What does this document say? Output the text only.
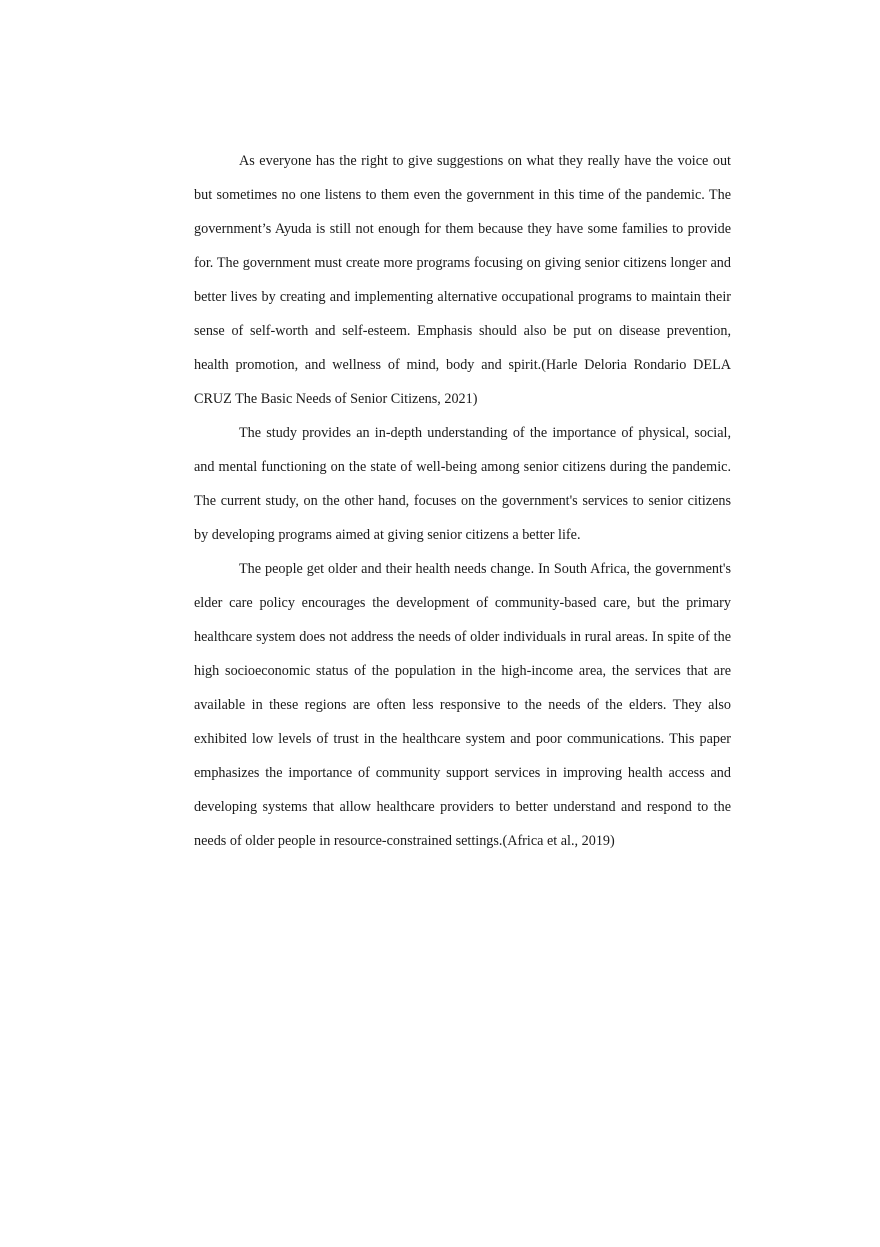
As everyone has the right to give suggestions on what they really have the voice out but sometimes no one listens to them even the government in this time of the pandemic. The government’s Ayuda is still not enough for them because they have some families to provide for. The government must create more programs focusing on giving senior citizens longer and better lives by creating and implementing alternative occupational programs to maintain their sense of self-worth and self-esteem. Emphasis should also be put on disease prevention, health promotion, and wellness of mind, body and spirit.(Harle Deloria Rondario DELA CRUZ The Basic Needs of Senior Citizens, 2021)

The study provides an in-depth understanding of the importance of physical, social, and mental functioning on the state of well-being among senior citizens during the pandemic. The current study, on the other hand, focuses on the government's services to senior citizens by developing programs aimed at giving senior citizens a better life.

The people get older and their health needs change. In South Africa, the government's elder care policy encourages the development of community-based care, but the primary healthcare system does not address the needs of older individuals in rural areas. In spite of the high socioeconomic status of the population in the high-income area, the services that are available in these regions are often less responsive to the needs of the elders. They also exhibited low levels of trust in the healthcare system and poor communications. This paper emphasizes the importance of community support services in improving health access and developing systems that allow healthcare providers to better understand and respond to the needs of older people in resource-constrained settings.(Africa et al., 2019)
